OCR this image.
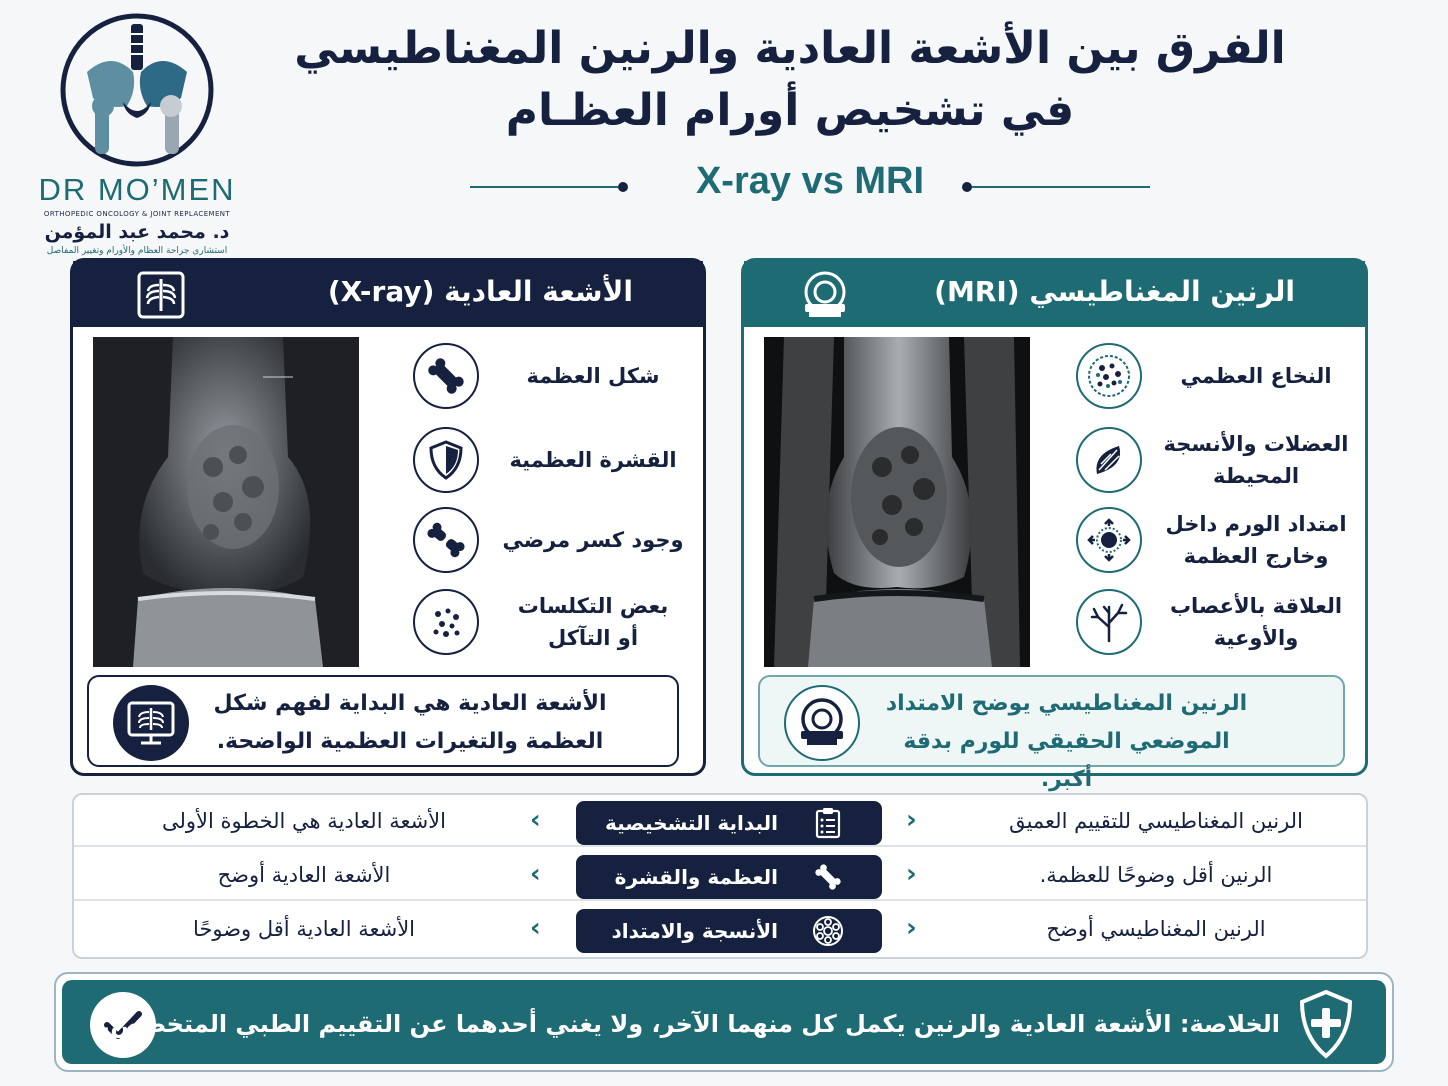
DR MO’MEN
ORTHOPEDIC ONCOLOGY & JOINT REPLACEMENT
د. محمد عبد المؤمن
استشاري جراحة العظام والأورام وتغيير المفاصل
الفرق بين الأشعة العادية والرنين المغناطيسي
في تشخيص أورام العظـام
X-ray vs MRI
الأشعة العادية (X-ray)
شكل العظمة
القشرة العظمية
وجود كسر مرضي
بعض التكلسات
أو التآكل
الأشعة العادية هي البداية لفهم شكل
العظمة والتغيرات العظمية الواضحة.
الرنين المغناطيسي (MRI)
النخاع العظمي
العضلات والأنسجة
المحيطة
امتداد الورم داخل
وخارج العظمة
العلاقة بالأعصاب
والأوعية
الرنين المغناطيسي يوضح الامتداد
الموضعي الحقيقي للورم بدقة أكبر.
الأشعة العادية هي الخطوة الأولى	‹	البداية التشخيصية	›	الرنين المغناطيسي للتقييم العميق
الأشعة العادية أوضح	‹	العظمة والقشرة	›	الرنين أقل وضوحًا للعظمة.
الأشعة العادية أقل وضوحًا	‹	الأنسجة والامتداد	›	الرنين المغناطيسي أوضح
الخلاصة: الأشعة العادية والرنين يكمل كل منهما الآخر، ولا يغني أحدهما عن التقييم الطبي المتخصص.
